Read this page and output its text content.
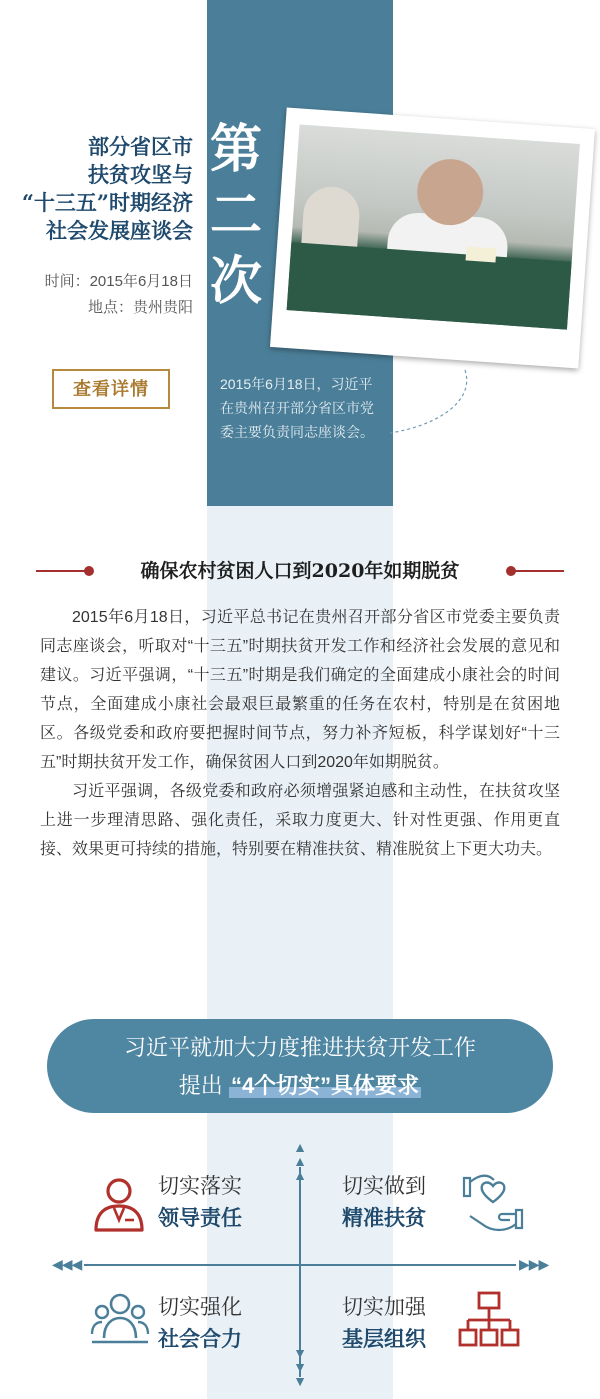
部分省区市
扶贫攻坚与
“十三五”时期经济
社会发展座谈会
时间：2015年6月18日
地点：贵州贵阳
查看详情
第
二
次
2015年6月18日，习近平在贵州召开部分省区市党委主要负责同志座谈会。
确保农村贫困人口到2020年如期脱贫

2015年6月18日，习近平总书记在贵州召开部分省区市党委主要负责同志座谈会，听取对“十三五”时期扶贫开发工作和经济社会发展的意见和建议。习近平强调，“十三五”时期是我们确定的全面建成小康社会的时间节点，全面建成小康社会最艰巨最繁重的任务在农村，特别是在贫困地区。各级党委和政府要把握时间节点，努力补齐短板，科学谋划好“十三五”时期扶贫开发工作，确保贫困人口到2020年如期脱贫。

习近平强调，各级党委和政府必须增强紧迫感和主动性，在扶贫攻坚上进一步理清思路、强化责任，采取力度更大、针对性更强、作用更直接、效果更可持续的措施，特别要在精准扶贫、精准脱贫上下更大功夫。

习近平就加大力度推进扶贫开发工作
提出 “4个切实”具体要求
▲
▲
▲
▼
▼
▼
◀◀◀	▶▶▶
切实落实
领导责任
切实做到
精准扶贫
切实强化
社会合力
切实加强
基层组织
